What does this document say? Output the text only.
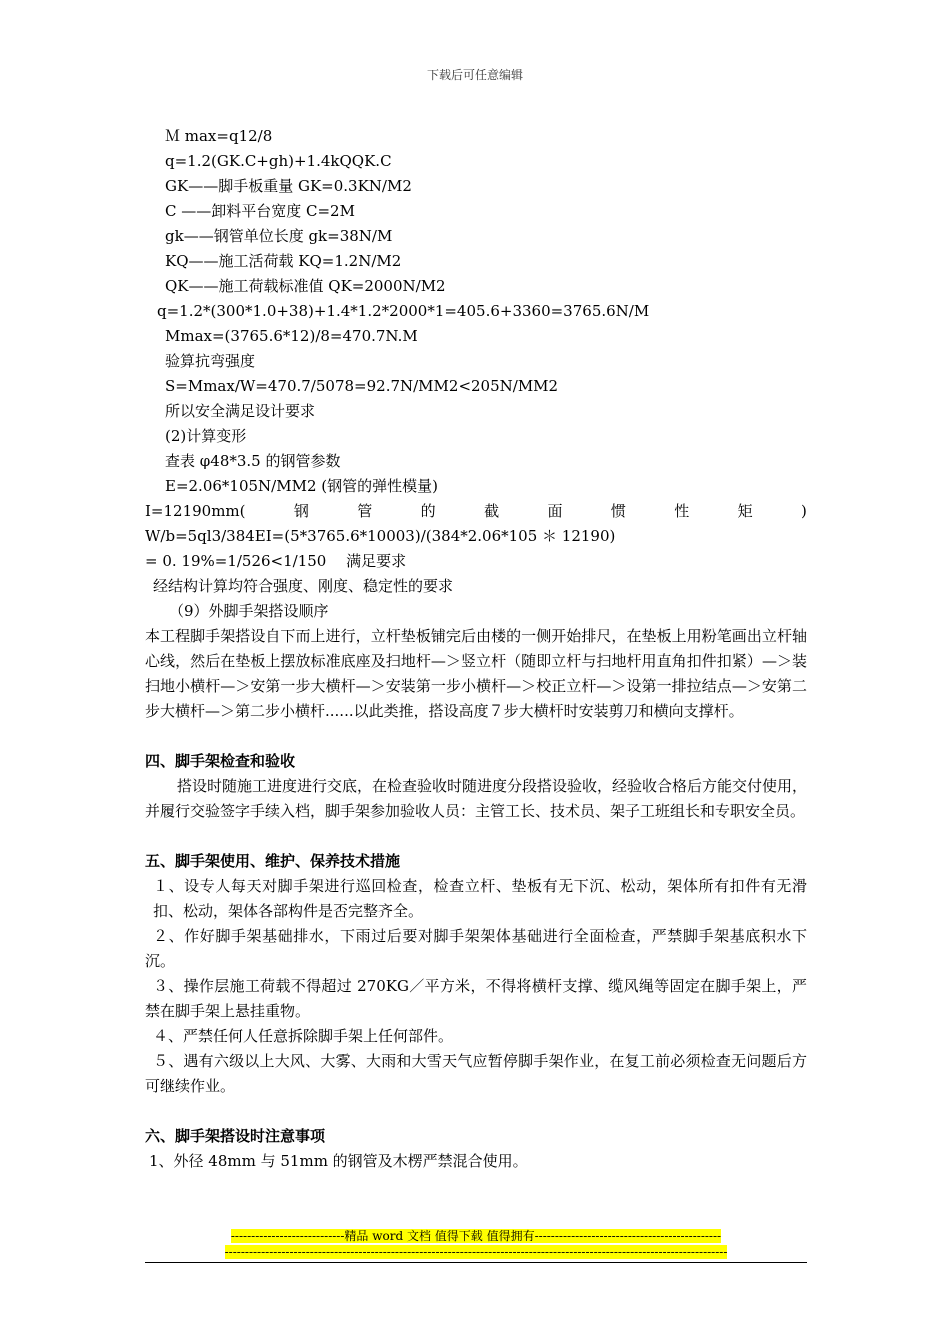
下载后可任意编辑
Ｍ max=q12/8
q=1.2(GK.C+gh)+1.4kQQK.C
GK——脚手板重量 GK=0.3KN/M2
C ——卸料平台宽度 C=2M
gk——钢管单位长度 gk=38N/M
KQ——施工活荷载 KQ=1.2N/M2
QK——施工荷载标准值 QK=2000N/M2
q=1.2*(300*1.0+38)+1.4*1.2*2000*1=405.6+3360=3765.6N/M
Mmax=(3765.6*12)/8=470.7N.M
验算抗弯强度
S=Mmax/W=470.7/5078=92.7N/MM2<205N/MM2
所以安全满足设计要求
(2)计算变形
查表 φ48*3.5 的钢管参数
E=2.06*105N/MM2 (钢管的弹性模量)
I=12190mm(	钢	管	的	截	面	惯	性	矩	)
W/b=5ql3/384EI=(5*3765.6*10003)/(384*2.06*105 ＊ 12190)
= 0. 19%=1/526<1/150　 满足要求
经结构计算均符合强度、刚度、稳定性的要求
（9）外脚手架搭设顺序
本工程脚手架搭设自下而上进行，立杆垫板铺完后由楼的一侧开始排尺，在垫板上用粉笔画出立杆轴心线，然后在垫板上摆放标准底座及扫地杆—＞竖立杆（随即立杆与扫地杆用直角扣件扣紧）—＞装扫地小横杆—＞安第一步大横杆—＞安装第一步小横杆—＞校正立杆—＞设第一排拉结点—＞安第二步大横杆—＞第二步小横杆......以此类推，搭设高度７步大横杆时安装剪刀和横向支撑杆。
四、脚手架检查和验收
搭设时随施工进度进行交底，在检查验收时随进度分段搭设验收，经验收合格后方能交付使用，并履行交验签字手续入档，脚手架参加验收人员：主管工长、技术员、架子工班组长和专职安全员。
五、脚手架使用、维护、保养技术措施
１、设专人每天对脚手架进行巡回检查，检查立杆、垫板有无下沉、松动，架体所有扣件有无滑扣、松动，架体各部构件是否完整齐全。
２、作好脚手架基础排水，下雨过后要对脚手架架体基础进行全面检查，严禁脚手架基底积水下沉。
３、操作层施工荷载不得超过 270KG／平方米，不得将横杆支撑、缆风绳等固定在脚手架上，严禁在脚手架上悬挂重物。
４、严禁任何人任意拆除脚手架上任何部件。
５、遇有六级以上大风、大雾、大雨和大雪天气应暂停脚手架作业，在复工前必须检查无问题后方可继续作业。
六、脚手架搭设时注意事项
1、外径 48mm 与 51mm 的钢管及木楞严禁混合使用。
----------------------------精品 word 文档 值得下载 值得拥有----------------------------------------------
----------------------------------------------------------------------------------------------------------------------------
